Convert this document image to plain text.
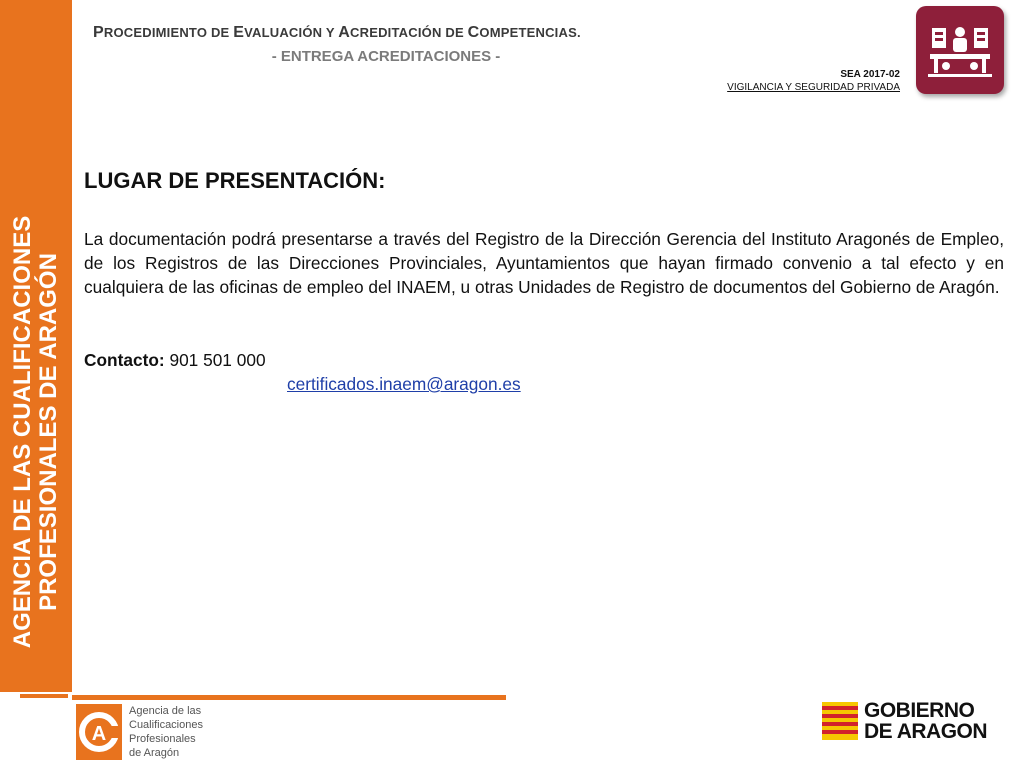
AGENCIA DE LAS CUALIFICACIONES PROFESIONALES DE ARAGÓN
PROCEDIMIENTO DE EVALUACIÓN Y ACREDITACIÓN DE COMPETENCIAS.
- ENTREGA ACREDITACIONES -
SEA 2017-02
VIGILANCIA Y SEGURIDAD PRIVADA
LUGAR DE PRESENTACIÓN:
La documentación podrá presentarse a través del Registro de la Dirección Gerencia del Instituto Aragonés de Empleo, de los Registros de las Direcciones Provinciales, Ayuntamientos que hayan firmado convenio a tal efecto y en cualquiera de las oficinas de empleo del INAEM, u otras Unidades de Registro de documentos del Gobierno de Aragón.
Contacto: 901 501 000
certificados.inaem@aragon.es
A
Agencia de las
Cualificaciones
Profesionales
de Aragón
GOBIERNO
DE ARAGON
